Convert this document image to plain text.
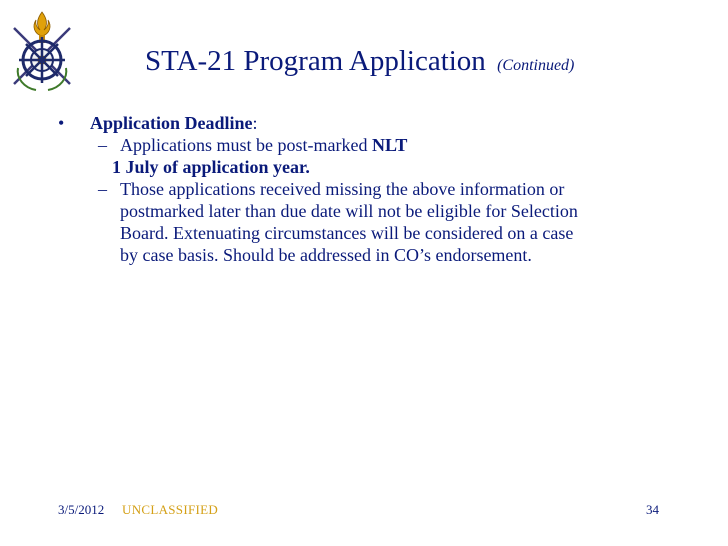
STA-21 Program Application (Continued)
•	Application Deadline:
– Applications must be post-marked NLT
1 July of application year.
– Those applications received missing the above information or
postmarked later than due date will not be eligible for Selection
Board. Extenuating circumstances will be considered on a case
by case basis. Should be addressed in CO’s endorsement.
3/5/2012 UNCLASSIFIED	34
